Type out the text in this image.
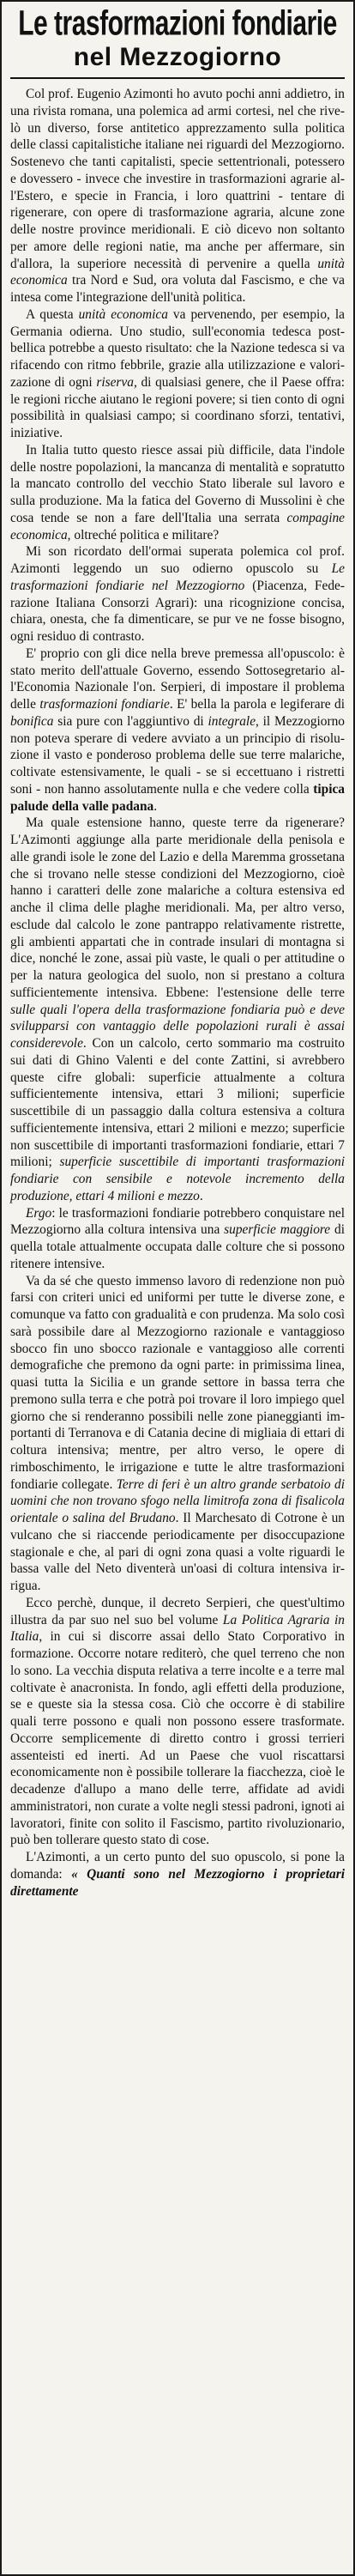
Le trasformazioni fondiarie
nel Mezzogiorno

Col prof. Eugenio Azimonti ho avuto pochi anni addietro, in una rivista romana, una polemica ad armi cortesi, nel che rivelò un diverso, forse antitetico apprezzamento sulla politica delle classi capitalistiche italiane nei riguardi del Mezzogiorno. Sostenevo che tanti capitalisti, specie settentrionali, potessero e dovessero - invece che investire in trasformazioni agrarie all'Estero, e specie in Francia, i loro quattrini - tentare di rigenerare, con opere di trasformazione agraria, alcune zone delle nostre province meridionali. E ciò dicevo non soltanto per amore delle regioni natie, ma anche per affermare, sin d'allora, la superiore necessità di pervenire a quella unità economica tra Nord e Sud, ora voluta dal Fascismo, e che va intesa come l'integrazione dell'unità politica.

A questa unità economica va pervenendo, per esempio, la Germania odierna. Uno studio, sull'economia tedesca post-bellica potrebbe a questo risultato: che la Nazione tedesca si va rifacendo con ritmo febbrile, grazie alla utilizzazione e valorizazione di ogni riserva, di qualsiasi genere, che il Paese offra: le regioni ricche aiutano le regioni povere; si tien conto di ogni possibilità in qualsiasi campo; si coordinano sforzi, tentativi, iniziative.

In Italia tutto questo riesce assai più difficile, data l'indole delle nostre popolazioni, la mancanza di mentalità e sopratutto la mancato controllo del vecchio Stato liberale sul lavoro e sulla produzione. Ma la fatica del Governo di Mussolini è che cosa tende se non a fare dell'Italia una serrata compagine economica, oltreché politica e militare?

Mi son ricordato dell'ormai superata polemica col prof. Azimonti leggendo un suo odierno opuscolo su Le trasformazioni fondiarie nel Mezzogiorno (Piacenza, Federazione Italiana Consorzi Agrari): una ricognizione concisa, chiara, onesta, che fa dimenticare, se pur ve ne fosse bisogno, ogni residuo di contrasto.

E' proprio con gli dice nella breve premessa all'opuscolo: è stato merito dell'attuale Governo, essendo Sottosegretario all'Economia Nazionale l'on. Serpieri, di impostare il problema delle trasformazioni fondiarie. E' bella la parola e legiferare di bonifica sia pure con l'aggiuntivo di integrale, il Mezzogiorno non poteva sperare di vedere avviato a un principio di risoluzione il vasto e ponderoso problema delle sue terre malariche, coltivate estensivamente, le quali - se si eccettuano i ristretti soni - non hanno assolutamente nulla e che vedere colla tipica palude della valle padana.

Ma quale estensione hanno, queste terre da rigenerare? L'Azimonti aggiunge alla parte meridionale della penisola e alle grandi isole le zone del Lazio e della Maremma grossetana che si trovano nelle stesse condizioni del Mezzogiorno, cioè hanno i caratteri delle zone malariche a coltura estensiva ed anche il clima delle plaghe meridionali. Ma, per altro verso, esclude dal calcolo le zone pantrappo relativamente ristrette, gli ambienti appartati che in contrade insulari di montagna si dice, nonché le zone, assai più vaste, le quali o per attitudine o per la natura geologica del suolo, non si prestano a coltura sufficientemente intensiva. Ebbene: l'estensione delle terre sulle quali l'opera della trasformazione fondiaria può e deve svilupparsi con vantaggio delle popolazioni rurali è assai considerevole. Con un calcolo, certo sommario ma costruito sui dati di Ghino Valenti e del conte Zattini, si avrebbero queste cifre globali: superficie attualmente a coltura sufficientemente intensiva, ettari 3 milioni; superficie suscettibile di un passaggio dalla coltura estensiva a coltura sufficientemente intensiva, ettari 2 milioni e mezzo; superficie non suscettibile di importanti trasformazioni fondiarie, ettari 7 milioni; superficie suscettibile di importanti trasformazioni fondiarie con sensibile e notevole incremento della produzione, ettari 4 milioni e mezzo.

Ergo: le trasformazioni fondiarie potrebbero conquistare nel Mezzogiorno alla coltura intensiva una superficie maggiore di quella totale attualmente occupata dalle colture che si possono ritenere intensive.

Va da sé che questo immenso lavoro di redenzione non può farsi con criteri unici ed uniformi per tutte le diverse zone, e comunque va fatto con gradualità e con prudenza. Ma solo così sarà possibile dare al Mezzogiorno razionale e vantaggioso sbocco fin uno sbocco razionale e vantaggioso alle correnti demografiche che premono da ogni parte: in primissima linea, quasi tutta la Sicilia e un grande settore in bassa terra che premono sulla terra e che potrà poi trovare il loro impiego quel giorno che si renderanno possibili nelle zone pianeggianti importanti di Terranova e di Catania decine di migliaia di ettari di coltura intensiva; mentre, per altro verso, le opere di rimboschimento, le irrigazione e tutte le altre trasformazioni fondiarie collegate. Terre di feri è un altro grande serbatoio di uomini che non trovano sfogo nella limitrofa zona di fisalicola orientale o salina del Brudano. Il Marchesato di Cotrone è un vulcano che si riaccende periodicamente per disoccupazione stagionale e che, al pari di ogni zona quasi a volte riguardi le bassa valle del Neto diventerà un'oasi di coltura intensiva irrigua.

Ecco perchè, dunque, il decreto Serpieri, che quest'ultimo illustra da par suo nel suo bel volume La Politica Agraria in Italia, in cui si discorre assai dello Stato Corporativo in formazione. Occorre notare rediterò, che quel terreno che non lo sono. La vecchia disputa relativa a terre incolte e a terre mal coltivate è anacronista. In fondo, agli effetti della produzione, se e queste sia la stessa cosa. Ciò che occorre è di stabilire quali terre possono e quali non possono essere trasformate. Occorre semplicemente di diretto contro i grossi terrieri assenteisti ed inerti. Ad un Paese che vuol riscattarsi economicamente non è possibile tollerare la fiacchezza, cioè le decadenze d'allupo a mano delle terre, affidate ad avidi amministratori, non curate a volte negli stessi padroni, ignoti ai lavoratori, finite con solito il Fascismo, partito rivoluzionario, può ben tollerare questo stato di cose.

L'Azimonti, a un certo punto del suo opuscolo, si pone la domanda: « Quanti sono nel Mezzogiorno i proprietari direttamente
